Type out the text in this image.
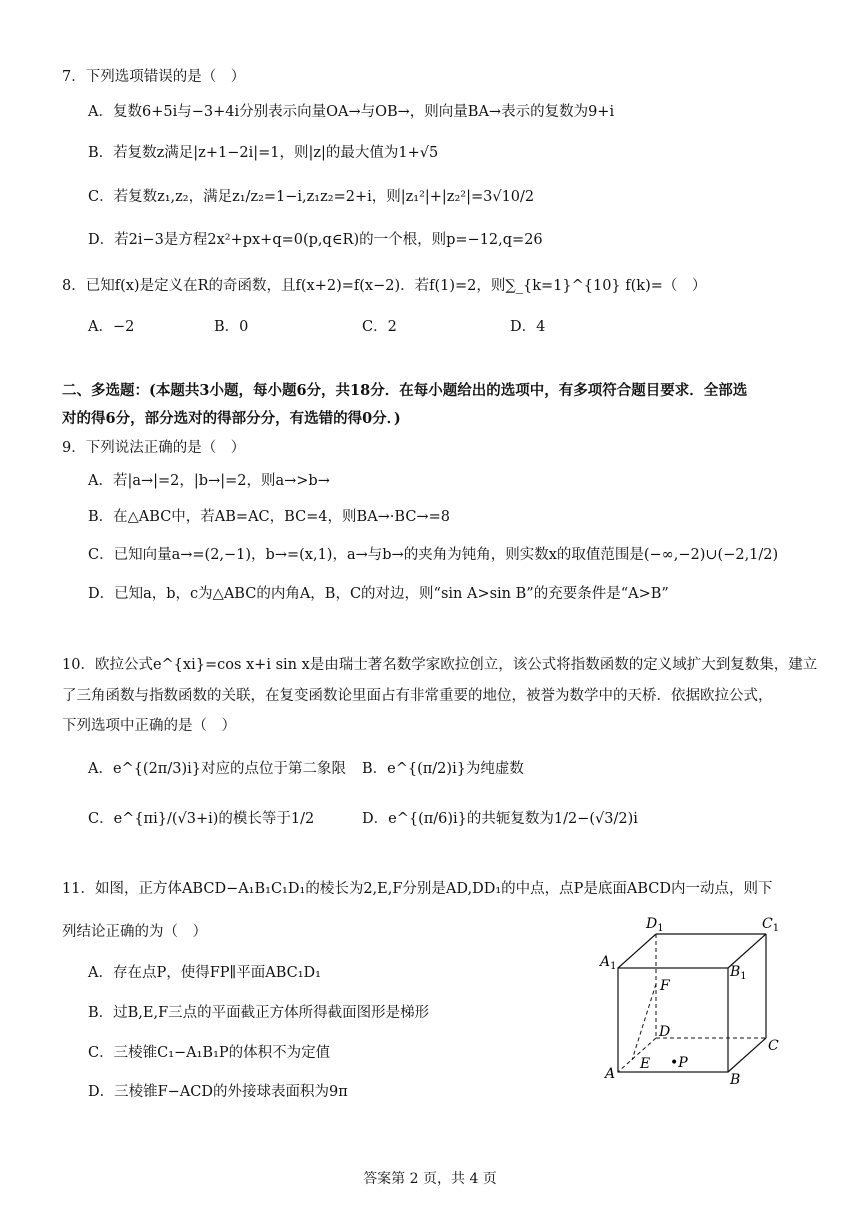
7．下列选项错误的是（　）
A．复数6+5i与−3+4i分别表示向量OA→与OB→，则向量BA→表示的复数为9+i
B．若复数z满足|z+1−2i|=1，则|z|的最大值为1+√5
C．若复数z₁,z₂，满足z₁/z₂=1−i,z₁z₂=2+i，则|z₁²|+|z₂²|=3√10/2
D．若2i−3是方程2x²+px+q=0(p,q∈R)的一个根，则p=−12,q=26
8．已知f(x)是定义在R的奇函数，且f(x+2)=f(x−2)．若f(1)=2，则∑_{k=1}^{10} f(k)=（　）
A．−2	B．0	C．2	D．4
二、多选题：(本题共3小题，每小题6分，共18分．在每小题给出的选项中，有多项符合题目要求．全部选
对的得6分，部分选对的得部分分，有选错的得0分．)
9．下列说法正确的是（　）
A．若|a→|=2，|b→|=2，则a→>b→
B．在△ABC中，若AB=AC，BC=4，则BA→·BC→=8
C．已知向量a→=(2,−1)，b→=(x,1)，a→与b→的夹角为钝角，则实数x的取值范围是(−∞,−2)∪(−2,1/2)
D．已知a，b，c为△ABC的内角A，B，C的对边，则“sin A>sin B”的充要条件是“A>B”
10．欧拉公式e^{xi}=cos x+i sin x是由瑞士著名数学家欧拉创立，该公式将指数函数的定义域扩大到复数集，建立
了三角函数与指数函数的关联，在复变函数论里面占有非常重要的地位，被誉为数学中的天桥．依据欧拉公式，
下列选项中正确的是（　）
A．e^{(2π/3)i}对应的点位于第二象限 B．e^{(π/2)i}为纯虚数
C．e^{πi}/(√3+i)的模长等于1/2	D．e^{(π/6)i}的共轭复数为1/2−(√3/2)i
11．如图，正方体ABCD−A₁B₁C₁D₁的棱长为2,E,F分别是AD,DD₁的中点，点P是底面ABCD内一动点，则下
列结论正确的为（　）
A．存在点P，使得FP∥平面ABC₁D₁
B．过B,E,F三点的平面截正方体所得截面图形是梯形
C．三棱锥C₁−A₁B₁P的体积不为定值
D．三棱锥F−ACD的外接球表面积为9π
$D_1$	$C_1$
$A_1$	$B_1$
F
D
C
E •P
A	B
答案第 2 页，共 4 页
